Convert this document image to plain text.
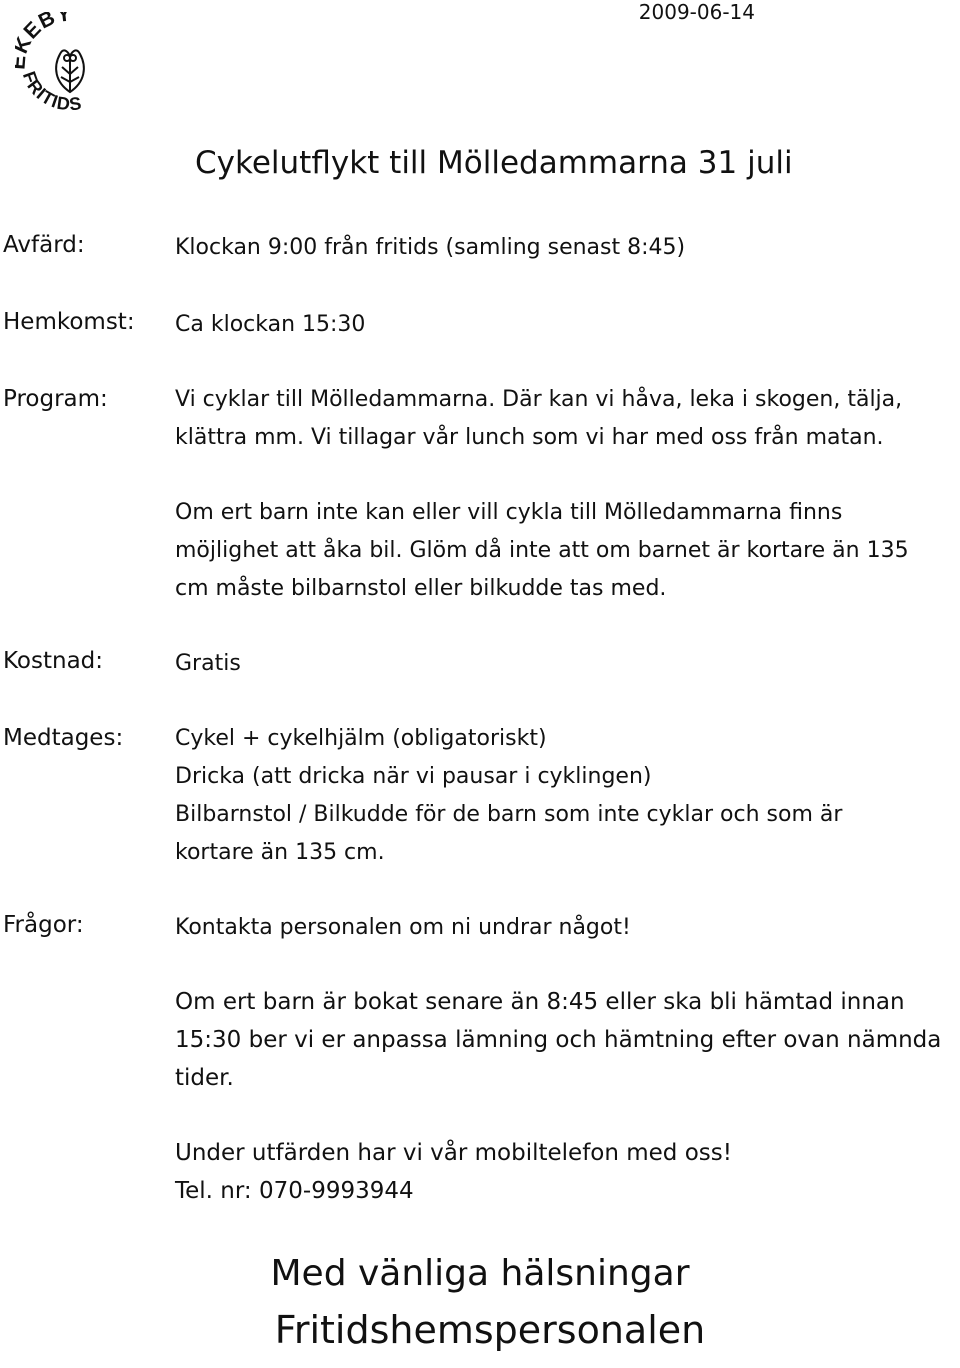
2009-06-14
EBY
FRITIDS
Cykelutflykt till Mölledammarna 31 juli
Avfärd:	Klockan 9:00 från fritids (samling senast 8:45)
Hemkomst: Ca klockan 15:30
Program:	Vi cyklar till Mölledammarna. Där kan vi håva, leka i skogen, tälja,
klättra mm. Vi tillagar vår lunch som vi har med oss från matan.
Om ert barn inte kan eller vill cykla till Mölledammarna finns
möjlighet att åka bil. Glöm då inte att om barnet är kortare än 135
cm måste bilbarnstol eller bilkudde tas med.
Kostnad:	Gratis
Medtages: Cykel + cykelhjälm (obligatoriskt)
Dricka (att dricka när vi pausar i cyklingen)
Bilbarnstol / Bilkudde för de barn som inte cyklar och som är
kortare än 135 cm.
Frågor:	Kontakta personalen om ni undrar något!
Om ert barn är bokat senare än 8:45 eller ska bli hämtad innan
15:30 ber vi er anpassa lämning och hämtning efter ovan nämnda
tider.
Under utfärden har vi vår mobiltelefon med oss!
Tel. nr: 070-9993944
Med vänliga hälsningar
Fritidshemspersonalen
